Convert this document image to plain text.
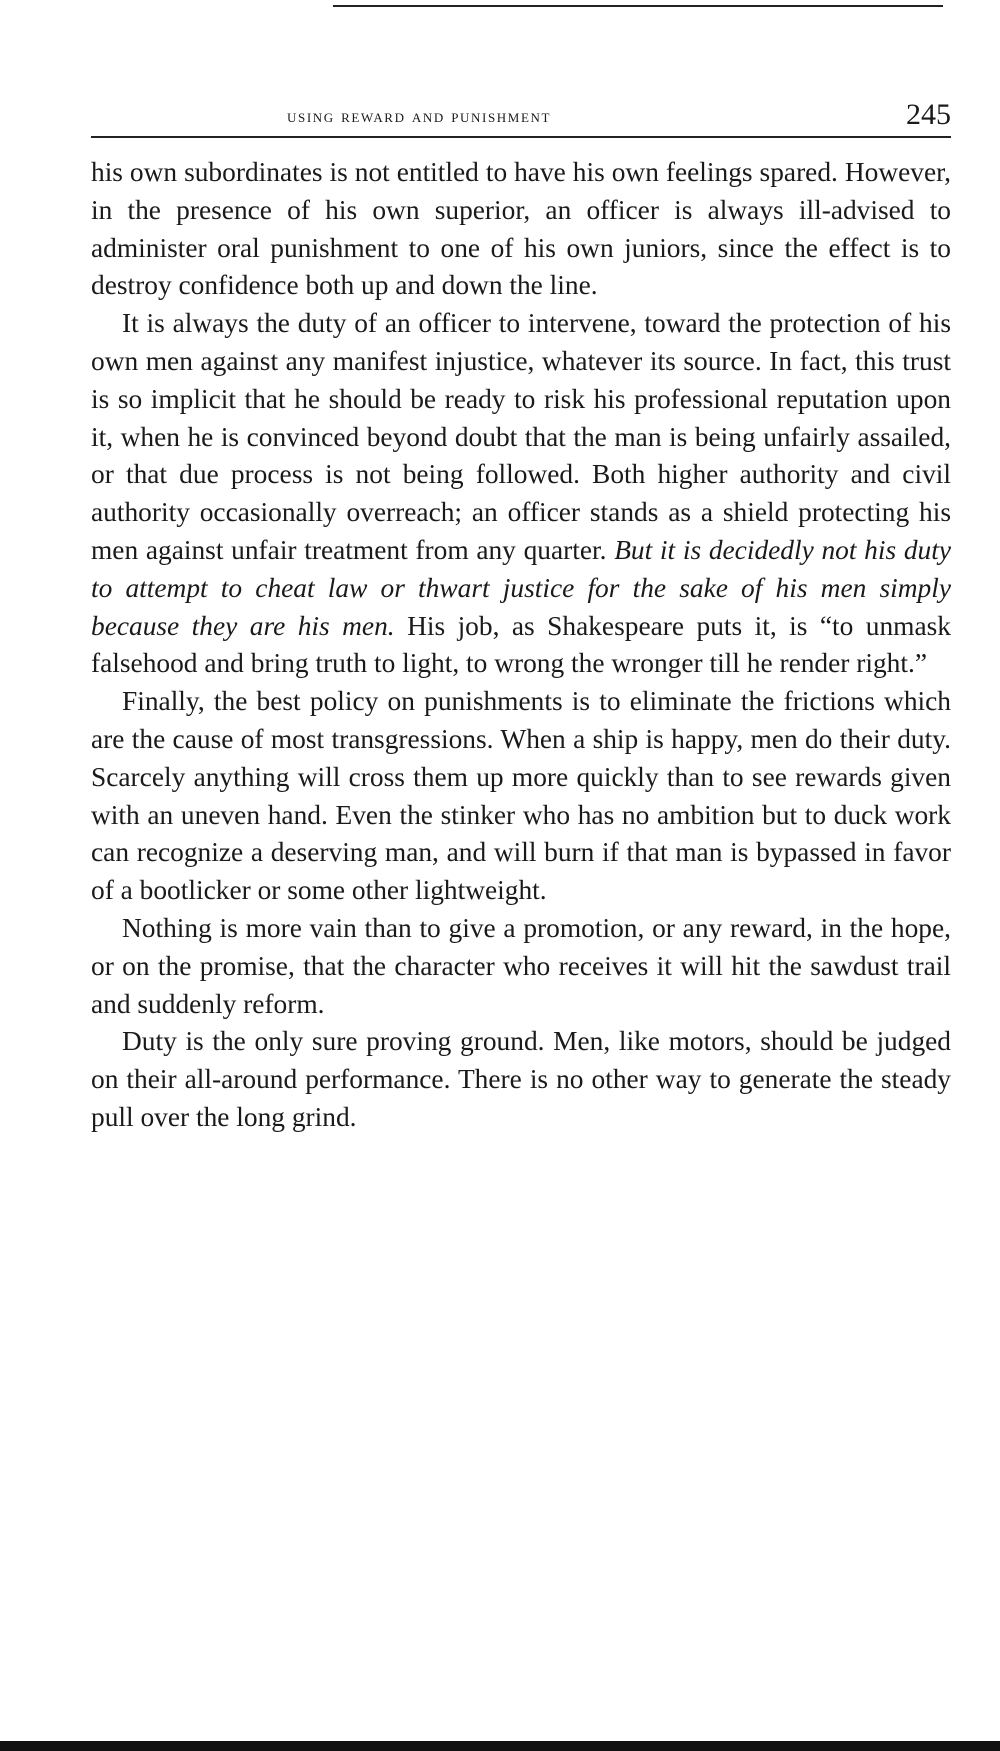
using reward and punishment	245

his own subordinates is not entitled to have his own feelings spared. However, in the presence of his own superior, an officer is always ill-advised to administer oral punishment to one of his own juniors, since the effect is to destroy confidence both up and down the line.

It is always the duty of an officer to intervene, toward the protection of his own men against any manifest injustice, whatever its source. In fact, this trust is so implicit that he should be ready to risk his professional reputation upon it, when he is convinced beyond doubt that the man is being unfairly assailed, or that due process is not being followed. Both higher authority and civil authority occasionally overreach; an officer stands as a shield protecting his men against unfair treatment from any quarter. But it is decidedly not his duty to attempt to cheat law or thwart justice for the sake of his men simply because they are his men. His job, as Shakespeare puts it, is “to unmask falsehood and bring truth to light, to wrong the wronger till he render right.”

Finally, the best policy on punishments is to eliminate the frictions which are the cause of most transgressions. When a ship is happy, men do their duty. Scarcely anything will cross them up more quickly than to see rewards given with an uneven hand. Even the stinker who has no ambition but to duck work can recognize a deserving man, and will burn if that man is bypassed in favor of a bootlicker or some other lightweight.

Nothing is more vain than to give a promotion, or any reward, in the hope, or on the promise, that the character who receives it will hit the sawdust trail and suddenly reform.

Duty is the only sure proving ground. Men, like motors, should be judged on their all-around performance. There is no other way to generate the steady pull over the long grind.
